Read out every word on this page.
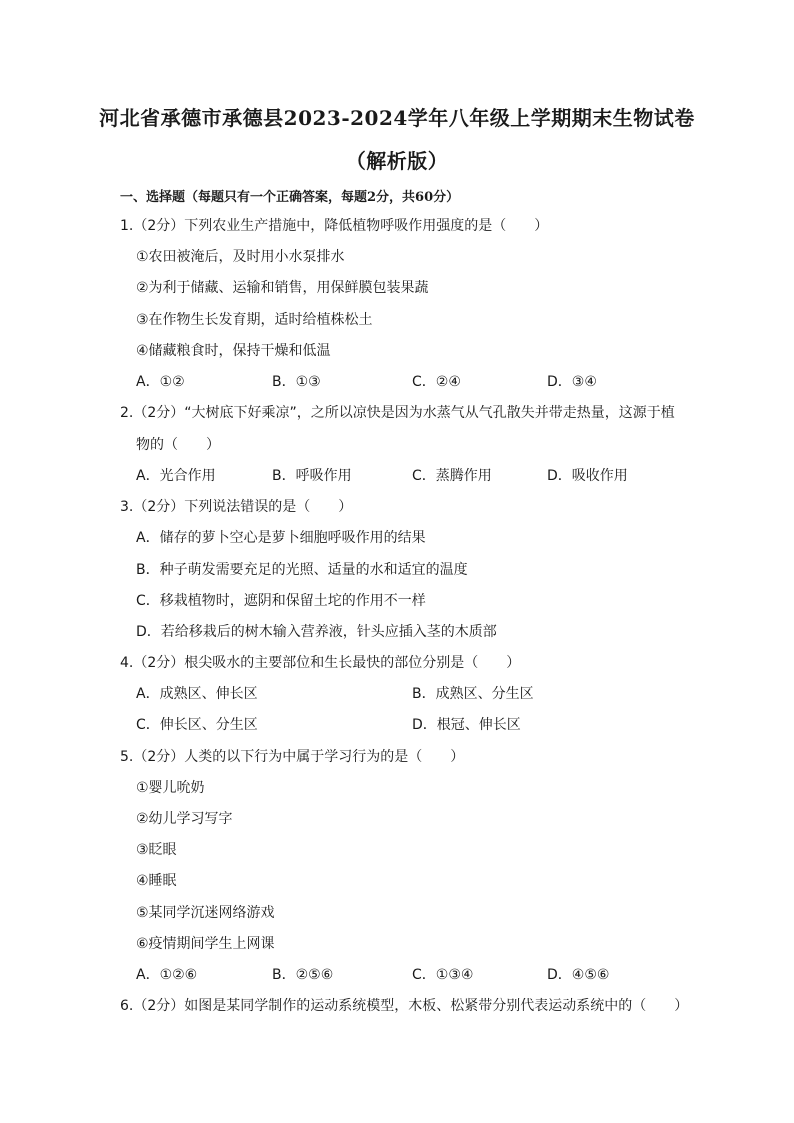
河北省承德市承德县2023-2024学年八年级上学期期末生物试卷
（解析版）
一、选择题（每题只有一个正确答案，每题2分，共60分）
1.（2分）下列农业生产措施中，降低植物呼吸作用强度的是（　　）
①农田被淹后，及时用小水泵排水
②为利于储藏、运输和销售，用保鲜膜包装果蔬
③在作物生长发育期，适时给植株松土
④储藏粮食时，保持干燥和低温
A．①②	B．①③	C．②④	D．③④
2.（2分）“大树底下好乘凉”，之所以凉快是因为水蒸气从气孔散失并带走热量，这源于植
物的（　　）
A．光合作用	B．呼吸作用	C．蒸腾作用	D．吸收作用
3.（2分）下列说法错误的是（　　）
A．储存的萝卜空心是萝卜细胞呼吸作用的结果
B．种子萌发需要充足的光照、适量的水和适宜的温度
C．移栽植物时，遮阴和保留土坨的作用不一样
D．若给移栽后的树木输入营养液，针头应插入茎的木质部
4.（2分）根尖吸水的主要部位和生长最快的部位分别是（　　）
A．成熟区、伸长区	B．成熟区、分生区
C．伸长区、分生区	D．根冠、伸长区
5.（2分）人类的以下行为中属于学习行为的是（　　）
①婴儿吮奶
②幼儿学习写字
③眨眼
④睡眠
⑤某同学沉迷网络游戏
⑥疫情期间学生上网课
A．①②⑥	B．②⑤⑥	C．①③④	D．④⑤⑥
6.（2分）如图是某同学制作的运动系统模型，木板、松紧带分别代表运动系统中的（　　）
